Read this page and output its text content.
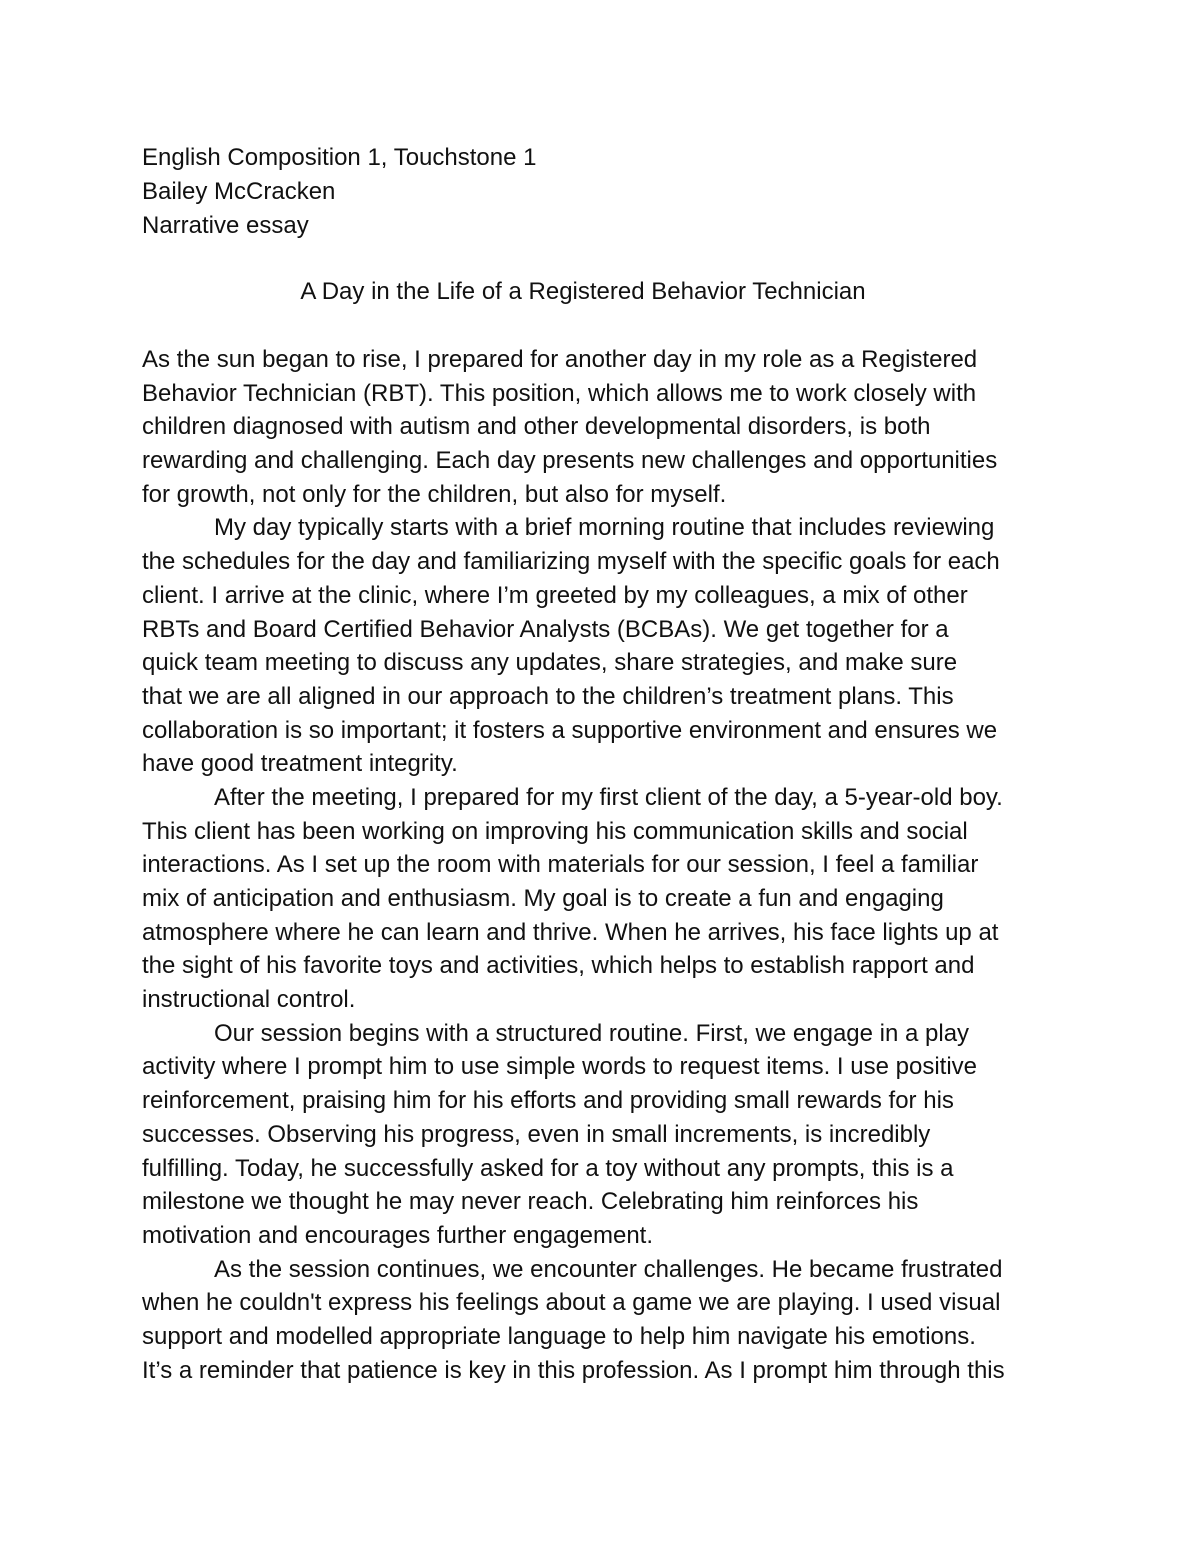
English Composition 1, Touchstone 1
Bailey McCracken
Narrative essay
A Day in the Life of a Registered Behavior Technician
As the sun began to rise, I prepared for another day in my role as a Registered
Behavior Technician (RBT). This position, which allows me to work closely with
children diagnosed with autism and other developmental disorders, is both
rewarding and challenging. Each day presents new challenges and opportunities
for growth, not only for the children, but also for myself.
My day typically starts with a brief morning routine that includes reviewing
the schedules for the day and familiarizing myself with the specific goals for each
client. I arrive at the clinic, where I’m greeted by my colleagues, a mix of other
RBTs and Board Certified Behavior Analysts (BCBAs). We get together for a
quick team meeting to discuss any updates, share strategies, and make sure
that we are all aligned in our approach to the children’s treatment plans. This
collaboration is so important; it fosters a supportive environment and ensures we
have good treatment integrity.
After the meeting, I prepared for my first client of the day, a 5-year-old boy.
This client has been working on improving his communication skills and social
interactions. As I set up the room with materials for our session, I feel a familiar
mix of anticipation and enthusiasm. My goal is to create a fun and engaging
atmosphere where he can learn and thrive. When he arrives, his face lights up at
the sight of his favorite toys and activities, which helps to establish rapport and
instructional control.
Our session begins with a structured routine. First, we engage in a play
activity where I prompt him to use simple words to request items. I use positive
reinforcement, praising him for his efforts and providing small rewards for his
successes. Observing his progress, even in small increments, is incredibly
fulfilling. Today, he successfully asked for a toy without any prompts, this is a
milestone we thought he may never reach. Celebrating him reinforces his
motivation and encourages further engagement.
As the session continues, we encounter challenges. He became frustrated
when he couldn't express his feelings about a game we are playing. I used visual
support and modelled appropriate language to help him navigate his emotions.
It’s a reminder that patience is key in this profession. As I prompt him through this
